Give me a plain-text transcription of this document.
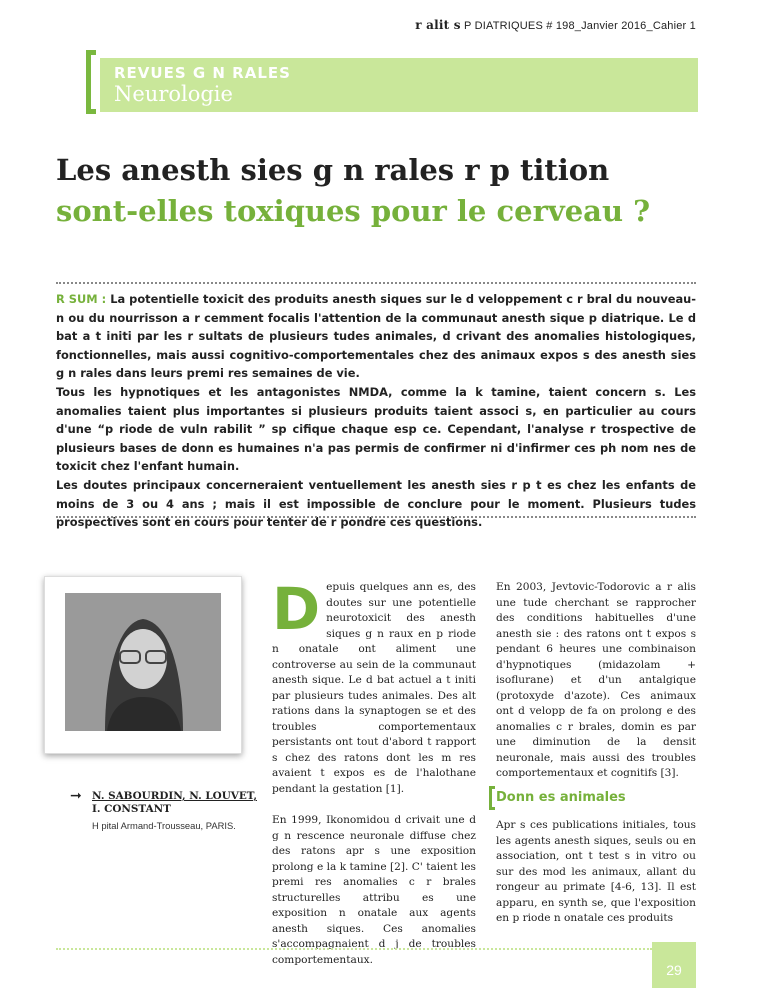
r alit s P DIATRIQUES # 198_Janvier 2016_Cahier 1
REVUES G N RALES
Neurologie
Les anesth sies g n rales r p tition
sont-elles toxiques pour le cerveau ?

R SUM : La potentielle toxicit des produits anesth siques sur le d veloppement c r bral du nouveau-n ou du nourrisson a r cemment focalis l'attention de la communaut anesth sique p diatrique. Le d bat a t initi par les r sultats de plusieurs tudes animales, d crivant des anomalies histologiques, fonctionnelles, mais aussi cognitivo-comportementales chez des animaux expos s des anesth sies g n rales dans leurs premi res semaines de vie.

Tous les hypnotiques et les antagonistes NMDA, comme la k tamine, taient concern s. Les anomalies taient plus importantes si plusieurs produits taient associ s, en particulier au cours d'une “p riode de vuln rabilit ” sp cifique chaque esp ce. Cependant, l'analyse r trospective de plusieurs bases de donn es humaines n'a pas permis de confirmer ni d'infirmer ces ph nom nes de toxicit chez l'enfant humain.

Les doutes principaux concerneraient ventuellement les anesth sies r p t es chez les enfants de moins de 3 ou 4 ans ; mais il est impossible de conclure pour le moment. Plusieurs tudes prospectives sont en cours pour tenter de r pondre ces questions.

➞ N. SABOURDIN, N. LOUVET,
I. CONSTANT
H pital Armand-Trousseau, PARIS.

Depuis quelques ann es, des doutes sur une potentielle neurotoxicit des anesth siques g n raux en p riode n onatale ont aliment une controverse au sein de la communaut anesth sique. Le d bat actuel a t initi par plusieurs tudes animales. Des alt rations dans la synaptogen se et des troubles comportementaux persistants ont tout d'abord t rapport s chez des ratons dont les m res avaient t expos es de l'halothane pendant la gestation [1].

En 1999, Ikonomidou d crivait une d g n rescence neuronale diffuse chez des ratons apr s une exposition prolong e la k tamine [2]. C' taient les premi res anomalies c r brales structurelles attribu es une exposition n onatale aux agents anesth siques. Ces anomalies s'accompagnaient d j de troubles comportementaux.

En 2003, Jevtovic-Todorovic a r alis une tude cherchant se rapprocher des conditions habituelles d'une anesth sie : des ratons ont t expos s pendant 6 heures une combinaison d'hypnotiques (midazolam + isoflurane) et d'un antalgique (protoxyde d'azote). Ces animaux ont d velopp de fa on prolong e des anomalies c r brales, domin es par une diminution de la densit neuronale, mais aussi des troubles comportementaux et cognitifs [3].

Donn es animales

Apr s ces publications initiales, tous les agents anesth siques, seuls ou en association, ont t test s in vitro ou sur des mod les animaux, allant du rongeur au primate [4-6, 13]. Il est apparu, en synth se, que l'exposition en p riode n onatale ces produits

29
